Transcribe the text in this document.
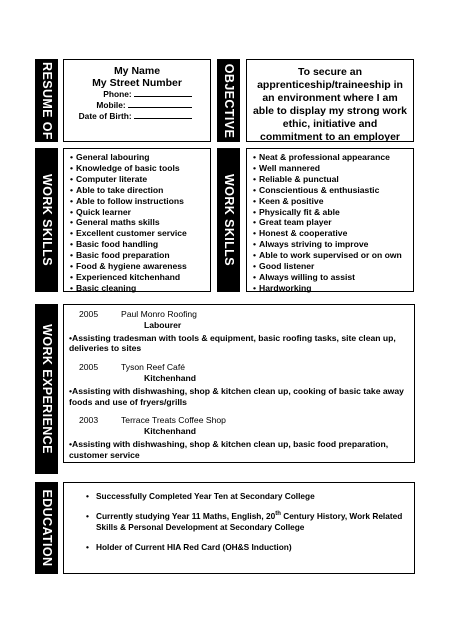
RESUME OF	My Name
My Street Number
Phone:
Mobile:
Date of Birth:	OBJECTIVE	To secure an apprenticeship/traineeship in an environment where I am able to display my strong work ethic, initiative and commitment to an employer
WORK SKILLS
• General labouring
• Knowledge of basic tools
• Computer literate
• Able to take direction
• Able to follow instructions
• Quick learner
• General maths skills
• Excellent customer service
• Basic food handling
• Basic food preparation
• Food & hygiene awareness
• Experienced kitchenhand
• Basic cleaning
WORK SKILLS
• Neat & professional appearance
• Well mannered
• Reliable & punctual
• Conscientious & enthusiastic
• Keen & positive
• Physically fit & able
• Great team player
• Honest & cooperative
• Always striving to improve
• Able to work supervised or on own
• Good listener
• Always willing to assist
• Hardworking
WORK EXPERIENCE
2005	Paul Monro Roofing
Labourer
• Assisting tradesman with tools & equipment, basic roofing tasks, site clean up, deliveries to sites
2005	Tyson Reef Café
Kitchenhand
• Assisting with dishwashing, shop & kitchen clean up, cooking of basic take away foods and use of fryers/grills
2003	Terrace Treats Coffee Shop
Kitchenhand
• Assisting with dishwashing, shop & kitchen clean up, basic food preparation, customer service
EDUCATION	• Successfully Completed Year Ten at Secondary College
• Currently studying Year 11 Maths, English, 20th Century History, Work Related Skills & Personal Development at Secondary College
• Holder of Current HIA Red Card (OH&S Induction)
